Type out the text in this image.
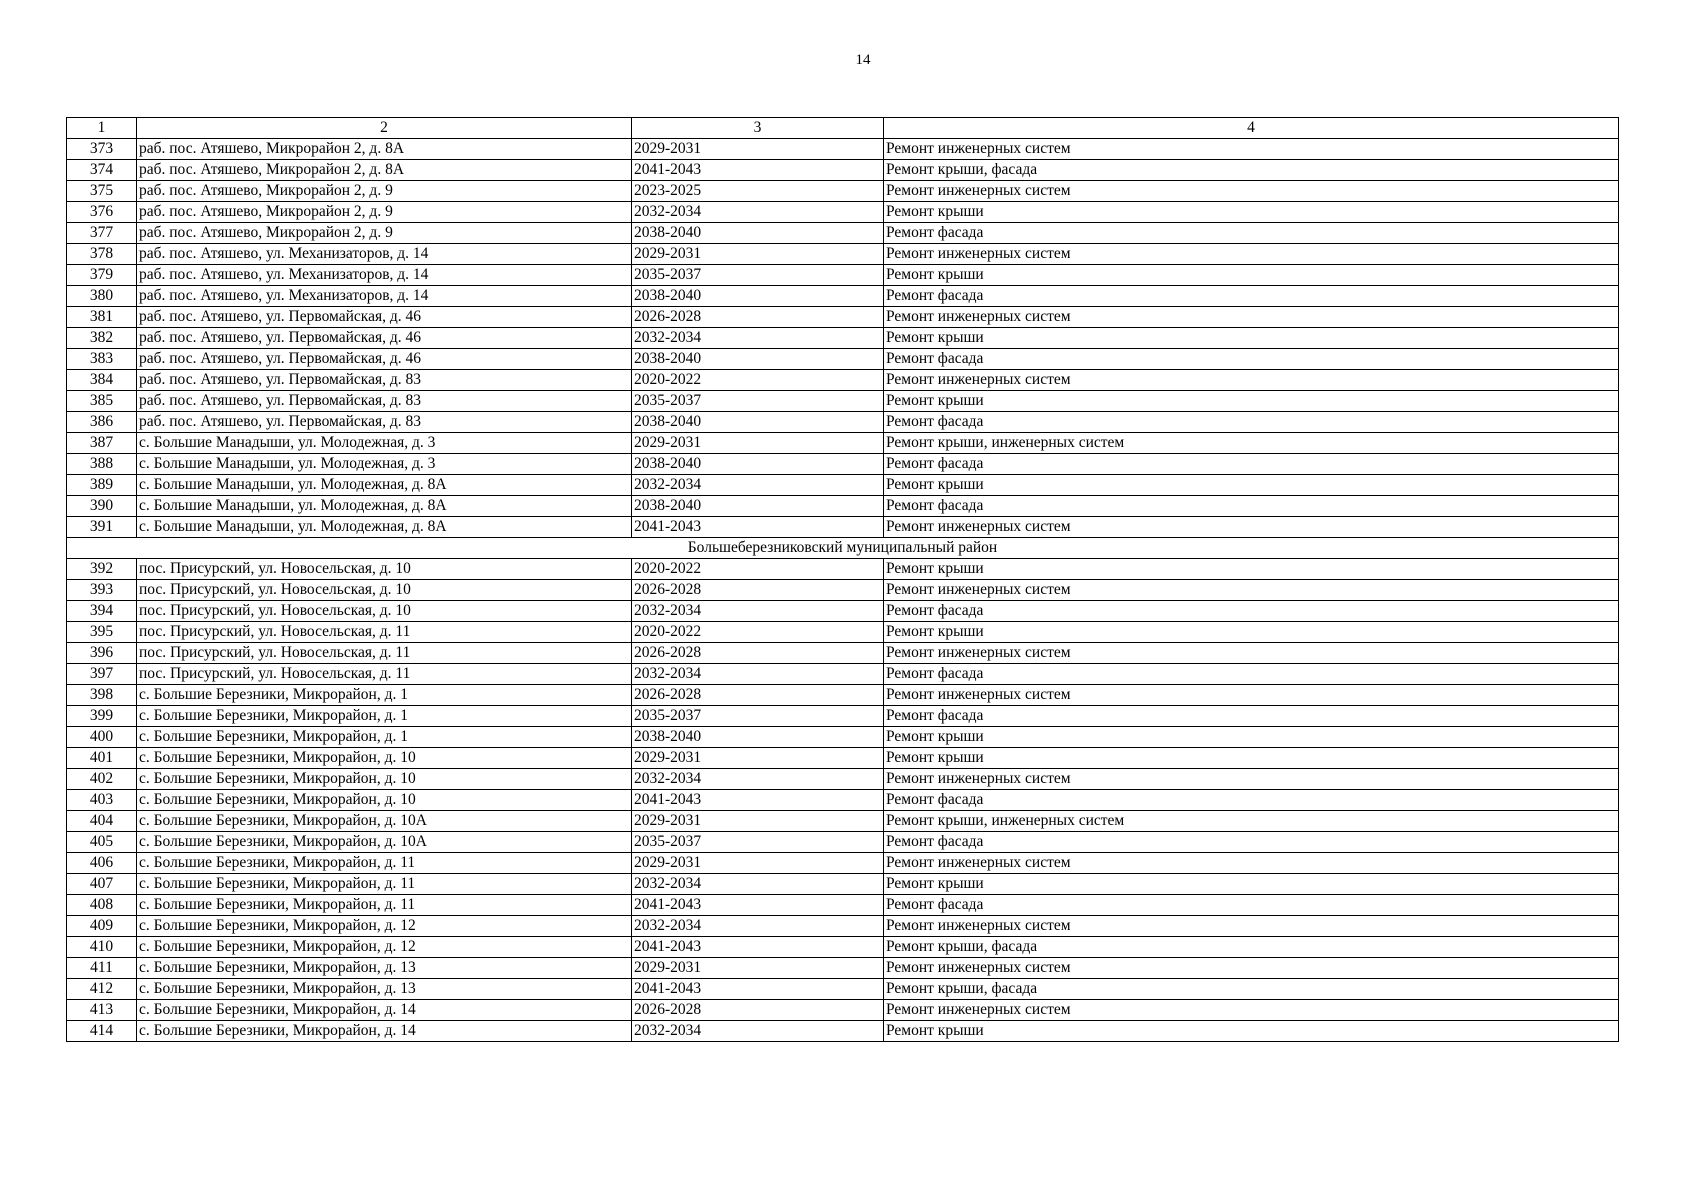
14
1	2	3	4
373	раб. пос. Атяшево, Микрорайон 2, д. 8А	2029-2031	Ремонт инженерных систем
374	раб. пос. Атяшево, Микрорайон 2, д. 8А	2041-2043	Ремонт крыши, фасада
375	раб. пос. Атяшево, Микрорайон 2, д. 9	2023-2025	Ремонт инженерных систем
376	раб. пос. Атяшево, Микрорайон 2, д. 9	2032-2034	Ремонт крыши
377	раб. пос. Атяшево, Микрорайон 2, д. 9	2038-2040	Ремонт фасада
378	раб. пос. Атяшево, ул. Механизаторов, д. 14	2029-2031	Ремонт инженерных систем
379	раб. пос. Атяшево, ул. Механизаторов, д. 14	2035-2037	Ремонт крыши
380	раб. пос. Атяшево, ул. Механизаторов, д. 14	2038-2040	Ремонт фасада
381	раб. пос. Атяшево, ул. Первомайская, д. 46	2026-2028	Ремонт инженерных систем
382	раб. пос. Атяшево, ул. Первомайская, д. 46	2032-2034	Ремонт крыши
383	раб. пос. Атяшево, ул. Первомайская, д. 46	2038-2040	Ремонт фасада
384	раб. пос. Атяшево, ул. Первомайская, д. 83	2020-2022	Ремонт инженерных систем
385	раб. пос. Атяшево, ул. Первомайская, д. 83	2035-2037	Ремонт крыши
386	раб. пос. Атяшево, ул. Первомайская, д. 83	2038-2040	Ремонт фасада
387	с. Большие Манадыши, ул. Молодежная, д. 3	2029-2031	Ремонт крыши, инженерных систем
388	с. Большие Манадыши, ул. Молодежная, д. 3	2038-2040	Ремонт фасада
389	с. Большие Манадыши, ул. Молодежная, д. 8А	2032-2034	Ремонт крыши
390	с. Большие Манадыши, ул. Молодежная, д. 8А	2038-2040	Ремонт фасада
391	с. Большие Манадыши, ул. Молодежная, д. 8А	2041-2043	Ремонт инженерных систем
Большеберезниковский муниципальный район			
392	пос. Присурский, ул. Новосельская, д. 10	2020-2022	Ремонт крыши
393	пос. Присурский, ул. Новосельская, д. 10	2026-2028	Ремонт инженерных систем
394	пос. Присурский, ул. Новосельская, д. 10	2032-2034	Ремонт фасада
395	пос. Присурский, ул. Новосельская, д. 11	2020-2022	Ремонт крыши
396	пос. Присурский, ул. Новосельская, д. 11	2026-2028	Ремонт инженерных систем
397	пос. Присурский, ул. Новосельская, д. 11	2032-2034	Ремонт фасада
398	с. Большие Березники, Микрорайон, д. 1	2026-2028	Ремонт инженерных систем
399	с. Большие Березники, Микрорайон, д. 1	2035-2037	Ремонт фасада
400	с. Большие Березники, Микрорайон, д. 1	2038-2040	Ремонт крыши
401	с. Большие Березники, Микрорайон, д. 10	2029-2031	Ремонт крыши
402	с. Большие Березники, Микрорайон, д. 10	2032-2034	Ремонт инженерных систем
403	с. Большие Березники, Микрорайон, д. 10	2041-2043	Ремонт фасада
404	с. Большие Березники, Микрорайон, д. 10А	2029-2031	Ремонт крыши, инженерных систем
405	с. Большие Березники, Микрорайон, д. 10А	2035-2037	Ремонт фасада
406	с. Большие Березники, Микрорайон, д. 11	2029-2031	Ремонт инженерных систем
407	с. Большие Березники, Микрорайон, д. 11	2032-2034	Ремонт крыши
408	с. Большие Березники, Микрорайон, д. 11	2041-2043	Ремонт фасада
409	с. Большие Березники, Микрорайон, д. 12	2032-2034	Ремонт инженерных систем
410	с. Большие Березники, Микрорайон, д. 12	2041-2043	Ремонт крыши, фасада
411	с. Большие Березники, Микрорайон, д. 13	2029-2031	Ремонт инженерных систем
412	с. Большие Березники, Микрорайон, д. 13	2041-2043	Ремонт крыши, фасада
413	с. Большие Березники, Микрорайон, д. 14	2026-2028	Ремонт инженерных систем
414	с. Большие Березники, Микрорайон, д. 14	2032-2034	Ремонт крыши
